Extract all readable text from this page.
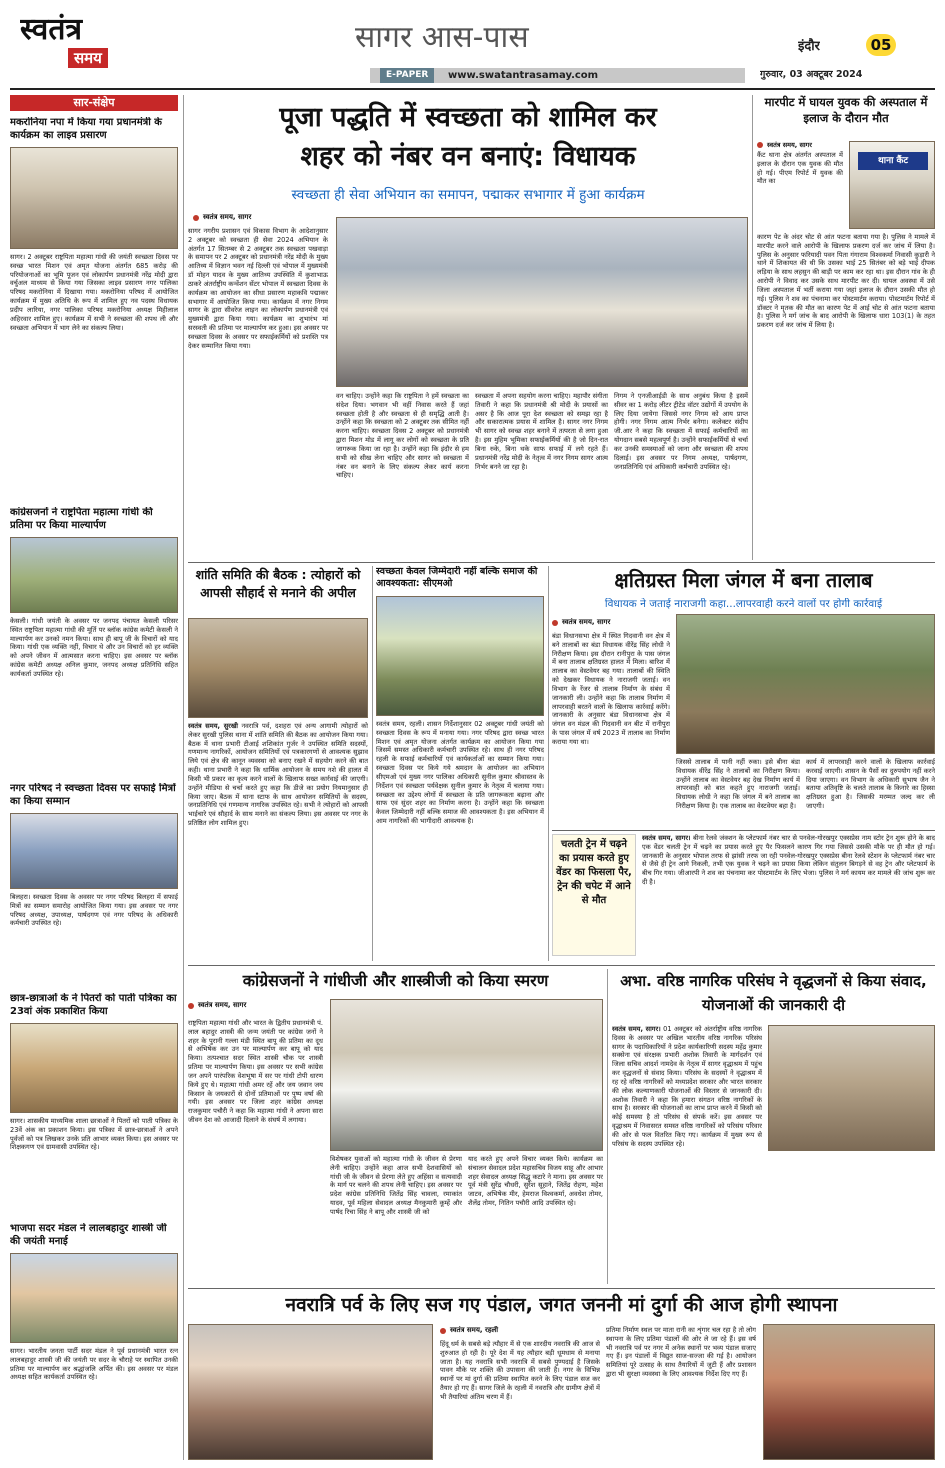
स्वतंत्र
समय
सागर आस-पास
E-PAPER	www.swatantrasamay.com
इंदौर	05
गुरुवार, 03 अक्टूबर 2024
सार-संक्षेप
मकरोनिया नपा में किया गया प्रधानमंत्री के कार्यक्रम का लाइव प्रसारण
सागर। 2 अक्टूबर राष्ट्रपिता महात्मा गांधी की जयंती स्वच्छता दिवस पर स्वच्छ भारत मिशन एवं अमृत योजना अंतर्गत 685 करोड़ की परियोजनाओं का भूमि पूजन एवं लोकार्पण प्रधानमंत्री नरेंद्र मोदी द्वारा वर्चुअल माध्यम से किया गया जिसका लाइव प्रसारण नगर पालिका परिषद मकरोनिया में दिखाया गया। मकरोनिया परिषद में आयोजित कार्यक्रम में मुख्य अतिथि के रूप में शामिल हुए नव पदस्थ विधायक प्रदीप लारिया, नगर पालिका परिषद मकरोनिया अध्यक्ष मिहीलाल अहिरवार शामिल हुए। कार्यक्रम में सभी ने स्वच्छता की शपथ ली और स्वच्छता अभियान में भाग लेने का संकल्प लिया।
कांग्रेसजनों ने राष्ट्रपिता महात्मा गांधी की प्रतिमा पर किया माल्यार्पण
केसली। गांधी जयंती के अवसर पर जनपद पंचायत केसली परिसर स्थित राष्ट्रपिता महात्मा गांधी की मूर्ति पर ब्लॉक कांग्रेस कमेटी केसली ने माल्यार्पण कर उनको नमन किया। साथ ही बापू जी के विचारों को याद किया। गांधी एक व्यक्ति नहीं, विचार थे और उन विचारों को हर व्यक्ति को अपने जीवन में आत्मसात करना चाहिए। इस अवसर पर ब्लॉक कांग्रेस कमेटी अध्यक्ष अनिल कुमार, जनपद अध्यक्ष प्रतिनिधि सहित कार्यकर्ता उपस्थित रहे।
नगर परिषद ने स्वच्छता दिवस पर सफाई मित्रों का किया सम्मान
बिलहरा। स्वच्छता दिवस के अवसर पर नगर परिषद बिलहरा में सफाई मित्रों का सम्मान समारोह आयोजित किया गया। इस अवसर पर नगर परिषद अध्यक्ष, उपाध्यक्ष, पार्षदगण एवं नगर परिषद के अधिकारी कर्मचारी उपस्थित रहे।
छात्र-छात्राओं के ने पितरों को पाती पत्रिका का 23वां अंक प्रकाशित किया
सागर। शासकीय माध्यमिक शाला छात्राओं ने पितरों को पाती पत्रिका के 23वें अंक का प्रकाशन किया। इस पत्रिका में छात्र-छात्राओं ने अपने पूर्वजों को पत्र लिखकर उनके प्रति आभार व्यक्त किया। इस अवसर पर शिक्षकगण एवं ग्रामवासी उपस्थित रहे।
भाजपा सदर मंडल ने लालबहादुर शास्त्री जी की जयंती मनाई
सागर। भारतीय जनता पार्टी सदर मंडल ने पूर्व प्रधानमंत्री भारत रत्न लालबहादुर शास्त्री जी की जयंती पर सदर के चौराहे पर स्थापित उनकी प्रतिमा पर माल्यार्पण कर श्रद्धांजलि अर्पित की। इस अवसर पर मंडल अध्यक्ष सहित कार्यकर्ता उपस्थित रहे।
पूजा पद्धति में स्वच्छता को शामिल कर
शहर को नंबर वन बनाएं: विधायक
स्वच्छता ही सेवा अभियान का समापन, पद्माकर सभागार में हुआ कार्यक्रम
स्वतंत्र समय, सागर
सागर नगरीय प्रशासन एवं विकास विभाग के आदेशानुसार 2 अक्टूबर को स्वच्छता ही सेवा 2024 अभियान के अंतर्गत 17 सितम्बर से 2 अक्टूबर तक स्वच्छता पखवाड़ा के समापन पर 2 अक्टूबर को प्रधानमंत्री नरेंद्र मोदी के मुख्य आतिथ्य में विज्ञान भवन नई दिल्ली एवं भोपाल में मुख्यमंत्री डॉ मोहन यादव के मुख्य आतिथ्य उपस्थिति में कुशाभाऊ ठाकरे अंतर्राष्ट्रीय कन्वेंशन सेंटर भोपाल में स्वच्छता दिवस के कार्यक्रम का आयोजन का सीधा प्रसारण महाकवि पद्माकर सभागार में आयोजित किया गया। कार्यक्रम में नगर निगम सागर के द्वारा सीवरेज लाइन का लोकार्पण प्रधानमंत्री एवं मुख्यमंत्री द्वारा किया गया। कार्यक्रम का शुभारंभ मां सरस्वती की प्रतिमा पर माल्यार्पण कर हुआ। इस अवसर पर स्वच्छता दिवस के अवसर पर सफाईकर्मियों को प्रशस्ति पत्र देकर सम्मानित किया गया।
वन चाहिए। उन्होंने कहा कि राष्ट्रपिता ने हमें स्वच्छता का संदेश दिया। भगवान भी वहीं निवास करते हैं जहां स्वच्छता होती है और स्वच्छता से ही समृद्धि आती है। उन्होंने कहा कि स्वच्छता को 2 अक्टूबर तक सीमित नहीं करना चाहिए। स्वच्छता दिवस 2 अक्टूबर को प्रधानमंत्री द्वारा मिशन मोड में लागू कर लोगों को स्वच्छता के प्रति जागरूक किया जा रहा है। उन्होंने कहा कि इंदौर से हम सभी को सीख लेना चाहिए और सागर को स्वच्छता में नंबर वन बनाने के लिए संकल्प लेकर कार्य करना चाहिए।
स्वच्छता में अपना सहयोग करना चाहिए। महापौर संगीता तिवारी ने कहा कि प्रधानमंत्री श्री मोदी के प्रयासों का असर है कि आज पूरा देश स्वच्छता को समझ रहा है और सकारात्मक प्रयास में शामिल है। सागर नगर निगम भी सागर को स्वच्छ शहर बनाने में तत्परता से लगा हुआ है। इस मुहिम भूमिका सफाईकर्मियों की है जो दिन-रात बिना रुके, बिना थके साफ सफाई में लगे रहते हैं। प्रधानमंत्री नरेंद्र मोदी के नेतृत्व में नगर निगम सागर आत्म निर्भर बनने जा रहा है।
निगम ने एनजीआईडी के साथ अनुबंध किया है इसमें सीवर का 1 करोड़ लीटर ट्रीटेड वॉटर उद्योगों में उपयोग के लिए दिया जायेगा जिससे नगर निगम को आय प्राप्त होगी। नगर निगम आत्म निर्भर बनेगा। कलेक्टर संदीप जी.आर ने कहा कि स्वच्छता में सफाई कर्मचारियों का योगदान सबसे महत्वपूर्ण है। उन्होंने सफाईकर्मियों से चर्चा कर उनकी समस्याओं को जाना और स्वच्छता की शपथ दिलाई। इस अवसर पर निगम अध्यक्ष, पार्षदगण, जनप्रतिनिधि एवं अधिकारी कर्मचारी उपस्थित रहे।
मारपीट में घायल युवक की अस्पताल में इलाज के दौरान मौत
स्वतंत्र समय, सागर
कैंट थाना क्षेत्र अंतर्गत अस्पताल में इलाज के दौरान एक युवक की मौत हो गई। पीएम रिपोर्ट में युवक की मौत का
थाना कैंट
कारण पेट के अंदर चोट से आंत फटना बताया गया है। पुलिस ने मामले में मारपीट करने वाले आरोपी के खिलाफ प्रकरण दर्ज कर जांच में लिया है। पुलिस के अनुसार फरियादी पवन पिता गंगाराम विश्वकर्मा निवासी कुड़ारी ने थाने में शिकायत की थी कि उसका भाई 25 सितंबर को बड़े भाई दीपक लड़िया के साथ लहसुन की बाड़ी पर काम कर रहा था। इस दौरान गांव के ही आरोपी ने विवाद कर उसके साथ मारपीट कर दी। घायल अवस्था में उसे जिला अस्पताल में भर्ती कराया गया जहां इलाज के दौरान उसकी मौत हो गई। पुलिस ने शव का पंचनामा कर पोस्टमार्टम कराया। पोस्टमार्टम रिपोर्ट में डॉक्टर ने मृतक की मौत का कारण पेट में आई चोट से आंत फटना बताया है। पुलिस ने मर्ग जांच के बाद आरोपी के खिलाफ धारा 103(1) के तहत प्रकरण दर्ज कर जांच में लिया है।
शांति समिति की बैठक : त्योहारों को आपसी सौहार्द से मनाने की अपील
स्वतंत्र समय, सुरखी नवरात्रि पर्व, दशहरा एवं अन्य आगामी त्योहारों को लेकर सुरखी पुलिस थाना में शांति समिति की बैठक का आयोजन किया गया। बैठक में थाना प्रभारी टीआई शशिकांत गुर्जर ने उपस्थित समिति सदस्यों, गणमान्य नागरिकों, आयोजन समितियों एवं पत्रकारगणों से आवश्यक सुझाव लिये एवं क्षेत्र की कानून व्यवस्था को बनाए रखने में सहयोग करने की बात कही। थाना प्रभारी ने कहा कि धार्मिक आयोजन के समय नशे की हालत में किसी भी प्रकार का कृत्य करने वालों के खिलाफ सख्त कार्रवाई की जाएगी। उन्होंने मीडिया से चर्चा करते हुए कहा कि डीजे का प्रयोग नियमानुसार ही किया जाए। बैठक में थाना स्टाफ के साथ आयोजन समितियों के सदस्य, जनप्रतिनिधि एवं गणमान्य नागरिक उपस्थित रहे। सभी ने त्योहारों को आपसी भाईचारे एवं सौहार्द के साथ मनाने का संकल्प लिया। इस अवसर पर नगर के प्रतिष्ठित लोग शामिल हुए।
स्वच्छता केवल जिम्मेदारी नहीं बल्कि समाज की आवश्यकता: सीएमओ
स्वतंत्र समय, रहली। शासन निर्देशानुसार 02 अक्टूबर गांधी जयंती को स्वच्छता दिवस के रूप में मनाया गया। नगर परिषद द्वारा स्वच्छ भारत मिशन एवं अमृत योजना अंतर्गत कार्यक्रम का आयोजन किया गया जिसमें समस्त अधिकारी कर्मचारी उपस्थित रहे। साथ ही नगर परिषद रहली के सफाई कर्मचारियों एवं कार्यकर्ताओं का सम्मान किया गया। स्वच्छता दिवस पर किये गये श्रमदान के आयोजन का अभियान सीएमओ एवं मुख्य नगर पालिका अधिकारी सुनील कुमार श्रीवास्तव के निर्देशन एवं स्वच्छता पर्यवेक्षक सुनील कुमार के नेतृत्व में चलाया गया। स्वच्छता का उद्देश्य लोगों में स्वच्छता के प्रति जागरूकता बढ़ाना और साफ एवं सुंदर शहर का निर्माण करना है। उन्होंने कहा कि स्वच्छता केवल जिम्मेदारी नहीं बल्कि समाज की आवश्यकता है। इस अभियान में आम नागरिकों की भागीदारी आवश्यक है।
क्षतिग्रस्त मिला जंगल में बना तालाब
विधायक ने जताई नाराजगी कहा...लापरवाही करने वालों पर होगी कार्रवाई
स्वतंत्र समय, सागर
बंडा विधानसभा क्षेत्र में स्थित गिदवानी वन क्षेत्र में बने तालाबों का बंडा विधायक वीरेंद्र सिंह लोधी ने निरीक्षण किया। इस दौरान रानीपुरा के पास जंगल में बना तालाब क्षतिग्रस्त हालत में मिला। बारिश में तालाब का वेस्टवेयर बह गया। तालाबों की स्थिति को देखकर विधायक ने नाराजगी जताई। वन विभाग के रेंजर से तालाब निर्माण के संबंध में जानकारी ली। उन्होंने कहा कि तालाब निर्माण में लापरवाही बरतने वालों के खिलाफ कार्रवाई करेंगे। जानकारी के अनुसार बंडा विधानसभा क्षेत्र में जंगल वन मंडल की गिदवानी वन बीट में रानीपुरा के पास जंगल में वर्ष 2023 में तालाब का निर्माण कराया गया था।
जिससे तालाब में पानी नहीं रुका। इसे बीना बंडा विधायक वीरेंद्र सिंह ने तालाबों का निरीक्षण किया। उन्होंने तालाब का वेस्टवेयर बह देख निर्माण कार्य में लापरवाही को बात कहते हुए नाराजगी जताई। विधायक लोधी ने कहा कि जंगल में बने तालाब का निरीक्षण किया है। एक तालाब का वेस्टवेयर बहा है।
कार्य में लापरवाही करने वालों के खिलाफ कार्रवाई करवाई जाएगी। शासन के पैसों का दुरुपयोग नहीं करने दिया जाएगा। वन विभाग के अधिकारी सुभाष जैन ने बताया अतिवृष्टि के चलते तालाब के किनारे का हिस्सा क्षतिग्रस्त हुआ है। जिसकी मरम्मत जल्द कर ली जाएगी।
चलती ट्रेन में चढ़ने का प्रयास करते हुए वेंडर का फिसला पैर, ट्रेन की चपेट में आने से मौत
स्वतंत्र समय, सागर। बीना रेलवे जंक्शन के प्लेटफार्म नंबर चार से पनवेल-गोरखपुर एक्सप्रेस नाम स्टोर ट्रेन शुरू होने के बाद एक वेंडर चलती ट्रेन में चढ़ने का प्रयास करते हुए पैर फिसलने कारण गिर गया जिससे उसकी मौके पर ही मौत हो गई। जानकारी के अनुसार भोपाल तरफ से झांसी तरफ जा रही पनवेल-गोरखपुर एक्सप्रेस बीना रेलवे स्टेशन के प्लेटफार्म नंबर चार से जैसे ही ट्रेन आगे निकली, तभी एक युवक ने चढ़ने का प्रयास किया लेकिन संतुलन बिगड़ने से वह ट्रेन और प्लेटफार्म के बीच गिर गया। जीआरपी ने शव का पंचनामा कर पोस्टमार्टम के लिए भेजा। पुलिस ने मर्ग कायम कर मामले की जांच शुरू कर दी है।
कांग्रेसजनों ने गांधीजी और शास्त्रीजी को किया स्मरण
स्वतंत्र समय, सागर
राष्ट्रपिता महात्मा गांधी और भारत के द्वितीय प्रधानमंत्री पं. लाल बहादुर शास्त्री की जन्म जयंती पर कांग्रेस जनों ने शहर के पुरानी गल्ला मंडी स्थित बापू की प्रतिमा का दूध से अभिषेक कर उन पर माल्यार्पण कर बापू को याद किया। तत्पश्चात सदर स्थित शास्त्री चौक पर शास्त्री प्रतिमा पर माल्यार्पण किया। इस अवसर पर सभी कांग्रेस जन अपने पारंपरिक वेशभूषा में सर पर गांधी टोपी धारण किये हुए थे। महात्मा गांधी अमर रहें और जय जवान जय किसान के जयकारों से दोनों प्रतिमाओं पर पुष्प वर्षा की गयी। इस अवसर पर जिला शहर कांग्रेस अध्यक्ष राजकुमार पचौरी ने कहा कि महात्मा गांधी ने अपना सारा जीवन देश को आजादी दिलाने के संघर्ष में लगाया।
विशेषकर युवाओं को महात्मा गांधी के जीवन से प्रेरणा लेनी चाहिए। उन्होंने कहा आज सभी देशवासियों को गांधी जी के जीवन से प्रेरणा लेते हुए अहिंसा व सत्यवादी के मार्ग पर चलने की शपथ लेनी चाहिए। इस अवसर पर प्रदेश कांग्रेस प्रतिनिधि जितेंद्र सिंह चावला, रमाकांत यादव, पूर्व महिला सेवादल अध्यक्ष मैनकुमारी कूम्हें और पार्षद रिचा सिंह ने बापू और शास्त्री जी को
याद करते हुए अपने विचार व्यक्त किये। कार्यक्रम का संचालन सेवादल प्रदेश महासचिव विजय साहू और आभार शहर सेवादल अध्यक्ष सिद्धू कटारे ने माना। इस अवसर पर पूर्व मंत्री सुरेंद्र चौधरी, सुरेश सूहाने, जितेंद्र रोहण, महेश जाटव, अभिषेक मीर, हेमराज विश्वकर्मा, अवधेश तोमर, शैलेंद्र तोमर, नितिन पचौरी आदि उपस्थित रहे।
अभा. वरिष्ठ नागरिक परिसंघ ने वृद्धजनों से किया संवाद, योजनाओं की जानकारी दी
स्वतंत्र समय, सागर। 01 अक्टूबर को अंतर्राष्ट्रीय वरिष्ठ नागरिक दिवस के अवसर पर अखिल भारतीय वरिष्ठ नागरिक परिसंघ सागर के पदाधिकारियों ने प्रदेश कार्यकारिणी सदस्य महेंद्र कुमार सक्सेना एवं संरक्षक प्रभारी अशोक तिवारी के मार्गदर्शन एवं जिला सचिव आदर्श नामदेव के नेतृत्व में सागर वृद्धाश्रम में पहुंच कर वृद्धजनों से संवाद किया। परिसंघ के सदस्यों ने वृद्धाश्रम में रह रहे वरिष्ठ नागरिकों को मध्यप्रदेश सरकार और भारत सरकार की लोक कल्याणकारी योजनाओं की विस्तार से जानकारी दी। अशोक तिवारी ने कहा कि हमारा संगठन वरिष्ठ नागरिकों के साथ है। सरकार की योजनाओं का लाभ प्राप्त करने में किसी को कोई समस्या है तो परिसंघ से संपर्क करें। इस अवसर पर वृद्धाश्रम में निवासरत समस्त वरिष्ठ नागरिकों को परिसंघ परिवार की ओर से फल वितरित किए गए। कार्यक्रम में मुख्य रूप से परिसंघ के सदस्य उपस्थित रहे।
नवरात्रि पर्व के लिए सज गए पंडाल, जगत जननी मां दुर्गा की आज होगी स्थापना
स्वतंत्र समय, रहली
हिंदू धर्म के सबसे बड़े त्यौहार में से एक शारदीय नवरात्रि की आज से शुरुआत हो रही है। पूरे देश में यह त्यौहार बड़ी धूमधाम से मनाया जाता है। यह नवरात्रि सभी नवरात्रि में सबसे पुण्यदाई है जिसके पावन मौके पर शक्ति की उपासना की जाती है। नगर के विभिन्न स्थानों पर मां दुर्गा की प्रतिमा स्थापित करने के लिए पंडाल सज कर तैयार हो गए हैं। सागर जिले के रहली में नवरात्रि और ग्रामीण क्षेत्रों में भी तैयारियां अंतिम चरण में हैं।
प्रतिमा निर्माण स्थल पर माता रानी का शृंगार चल रहा है तो लोग स्थापना के लिए प्रतिमा पंडालों की ओर ले जा रहे हैं। इस वर्ष भी नवरात्रि पर्व पर नगर में अनेक स्थानों पर भव्य पंडाल सजाए गए हैं। इन पंडालों में विद्युत साज-सज्जा की गई है। आयोजन समितियां पूरे उत्साह के साथ तैयारियों में जुटी हैं और प्रशासन द्वारा भी सुरक्षा व्यवस्था के लिए आवश्यक निर्देश दिए गए हैं।
